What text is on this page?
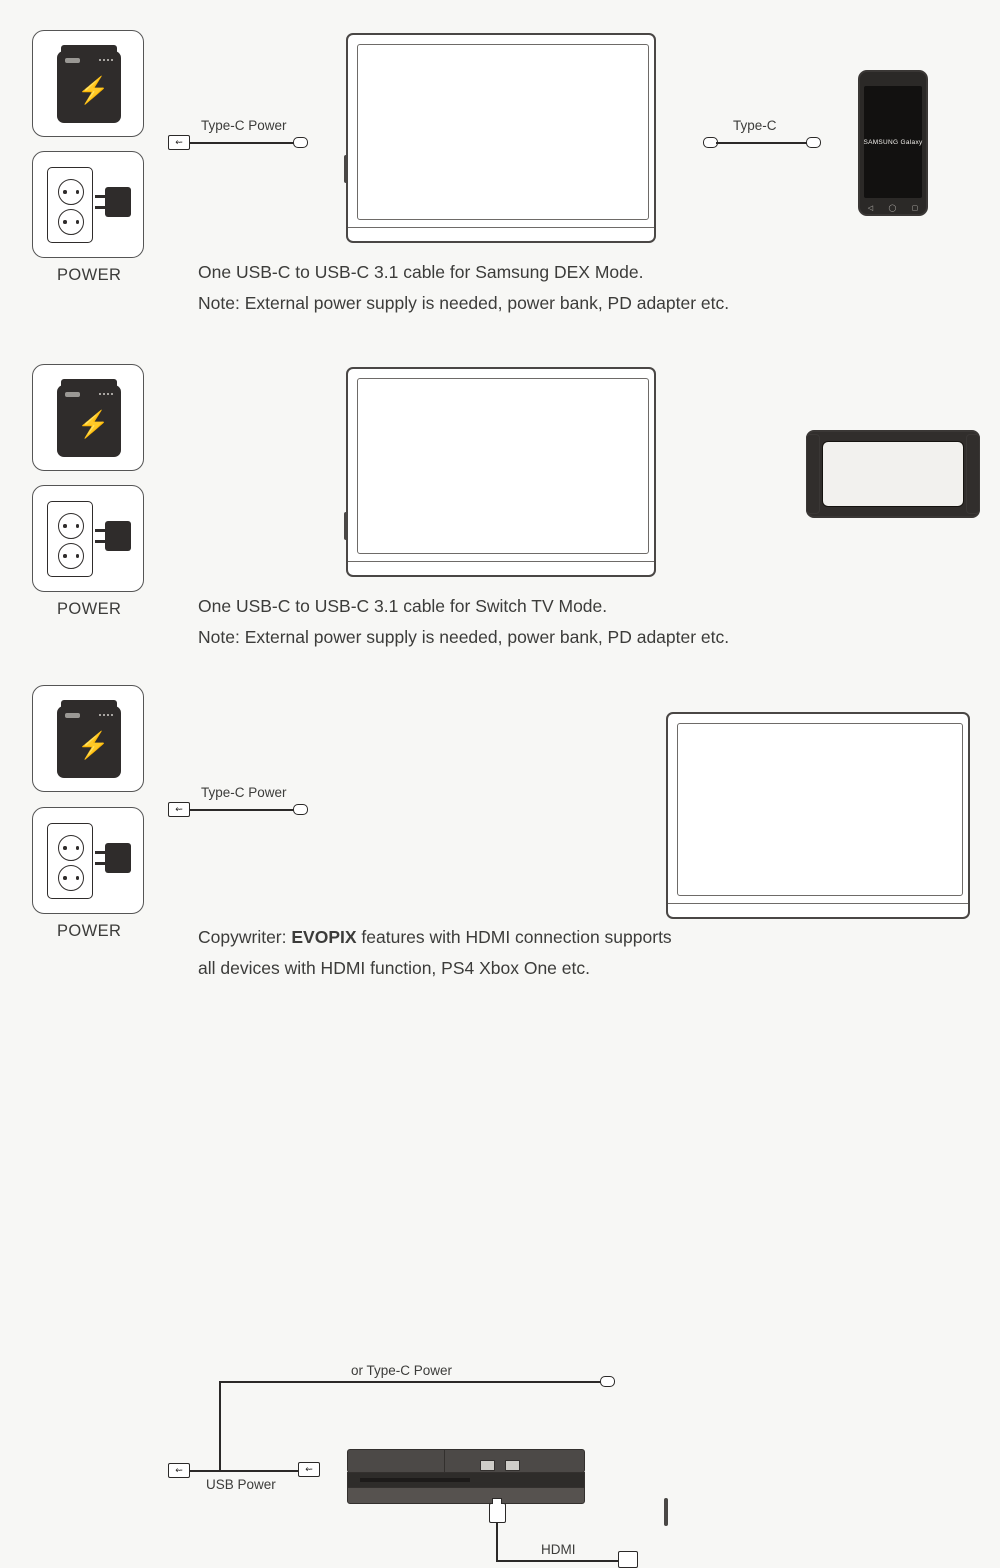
⚡
POWER
⇜
Type-C Power	Type-C
SAMSUNG Galaxy
◁ ◯ ▢
One USB-C to USB-C 3.1 cable for Samsung DEX Mode.
Note: External power supply is needed, power bank, PD adapter etc.
⚡
POWER
⇜
Type-C Power
One USB-C to USB-C 3.1 cable for Switch TV Mode.
Note: External power supply is needed, power bank, PD adapter etc.
⚡
POWER
⇜
or Type-C Power
⇜
USB Power
HDMI
Copywriter: EVOPIX features with HDMI connection supports
all devices with HDMI function, PS4 Xbox One etc.
